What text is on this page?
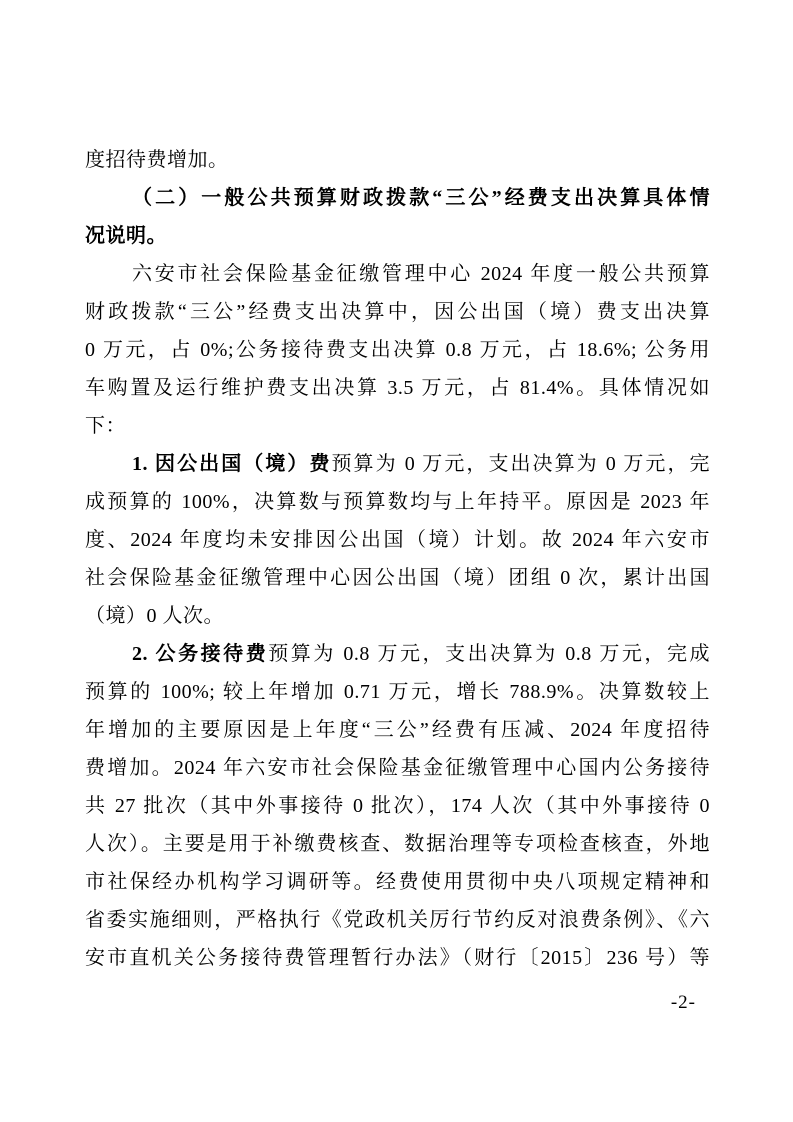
度招待费增加。
（二）一般公共预算财政拨款“三公”经费支出决算具体情
况说明。
六安市社会保险基金征缴管理中心 2024 年度一般公共预算
财政拨款“三公”经费支出决算中，因公出国（境）费支出决算
0 万元，占 0%;公务接待费支出决算 0.8 万元，占 18.6%; 公务用
车购置及运行维护费支出决算 3.5 万元，占 81.4%。具体情况如
下：
1. 因公出国（境）费预算为 0 万元，支出决算为 0 万元，完
成预算的 100%，决算数与预算数均与上年持平。原因是 2023 年
度、2024 年度均未安排因公出国（境）计划。故 2024 年六安市
社会保险基金征缴管理中心因公出国（境）团组 0 次，累计出国
（境）0 人次。
2. 公务接待费预算为 0.8 万元，支出决算为 0.8 万元，完成
预算的 100%; 较上年增加 0.71 万元，增长 788.9%。决算数较上
年增加的主要原因是上年度“三公”经费有压减、2024 年度招待
费增加。2024 年六安市社会保险基金征缴管理中心国内公务接待
共 27 批次（其中外事接待 0 批次），174 人次（其中外事接待 0
人次）。主要是用于补缴费核查、数据治理等专项检查核查，外地
市社保经办机构学习调研等。经费使用贯彻中央八项规定精神和
省委实施细则，严格执行《党政机关厉行节约反对浪费条例》、《六
安市直机关公务接待费管理暂行办法》（财行〔2015〕236 号）等
-2-
